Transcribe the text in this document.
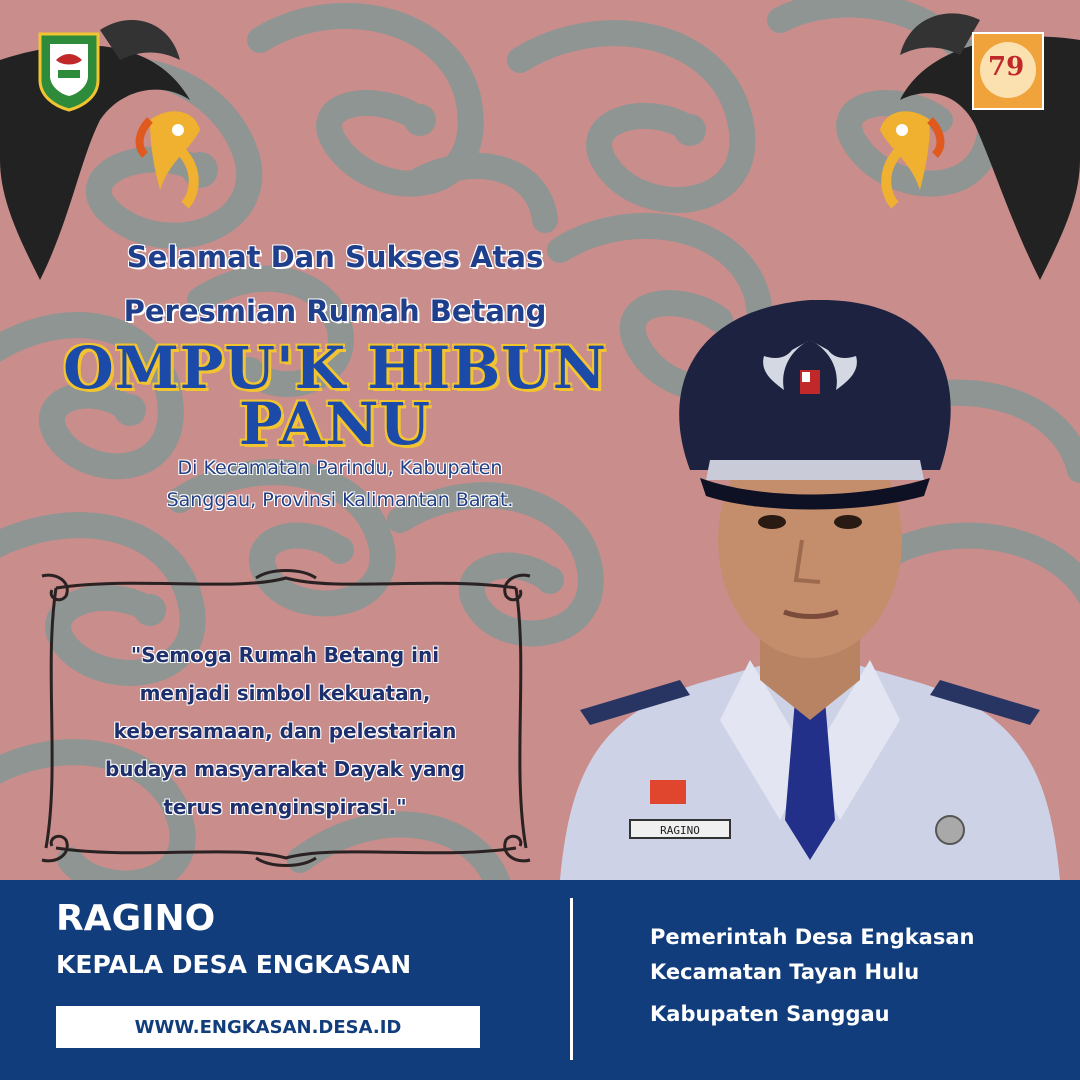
79
Selamat Dan Sukses Atas
Peresmian Rumah Betang
OMPU'K HIBUN
PANU
Di Kecamatan Parindu, Kabupaten
Sanggau, Provinsi Kalimantan Barat.
"Semoga Rumah Betang ini
menjadi simbol kekuatan,
kebersamaan, dan pelestarian
budaya masyarakat Dayak yang
terus menginspirasi."
RAGINO
RAGINO
KEPALA DESA ENGKASAN
WWW.ENGKASAN.DESA.ID
Pemerintah Desa Engkasan
Kecamatan Tayan Hulu
Kabupaten Sanggau
